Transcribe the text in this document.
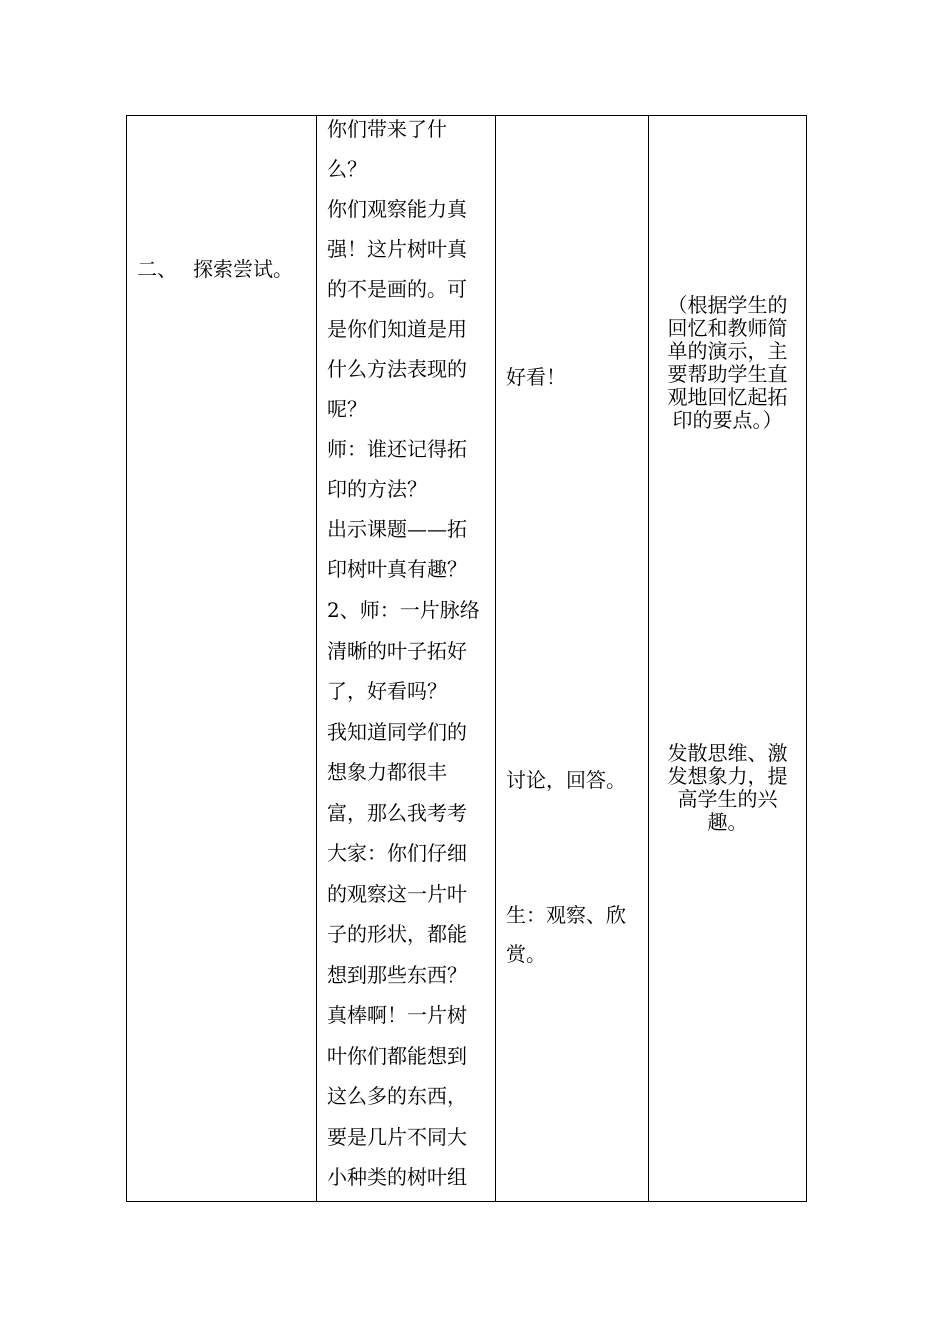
二、 探索尝试。
你们带来了什
么？
你们观察能力真
强！这片树叶真
的不是画的。可
是你们知道是用
什么方法表现的
呢？
师：谁还记得拓
印的方法？
出示课题——拓
印树叶真有趣？
2、师：一片脉络
清晰的叶子拓好
了，好看吗？
我知道同学们的
想象力都很丰
富，那么我考考
大家：你们仔细
的观察这一片叶
子的形状，都能
想到那些东西？
真棒啊！一片树
叶你们都能想到
这么多的东西，
要是几片不同大
小种类的树叶组
好看！
讨论，回答。
生：观察、欣
赏。
（根据学生的
回忆和教师简
单的演示，主
要帮助学生直
观地回忆起拓
印的要点。）
发散思维、激
发想象力，提
高学生的兴
趣。
